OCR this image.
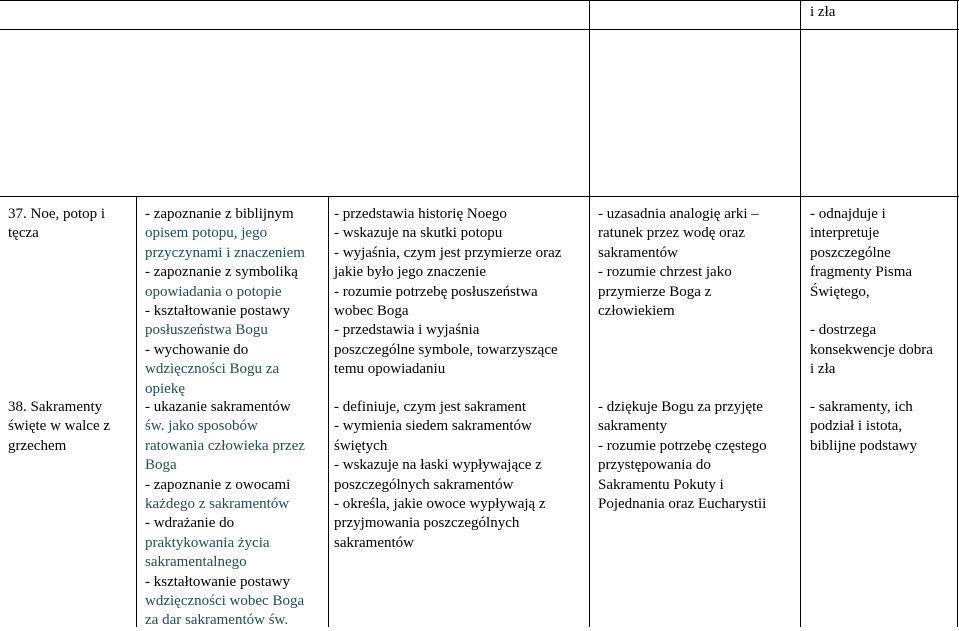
i zła
37. Noe, potop i
tęcza
- zapoznanie z biblijnym
opisem potopu, jego
przyczynami i znaczeniem
- zapoznanie z symboliką
opowiadania o potopie
- kształtowanie postawy
posłuszeństwa Bogu
- wychowanie do
wdzięczności Bogu za
opiekę
- przedstawia historię Noego
- wskazuje na skutki potopu
- wyjaśnia, czym jest przymierze oraz
jakie było jego znaczenie
- rozumie potrzebę posłuszeństwa
wobec Boga
- przedstawia i wyjaśnia
poszczególne symbole, towarzyszące
temu opowiadaniu
- uzasadnia analogię arki –
ratunek przez wodę oraz
sakramentów
- rozumie chrzest jako
przymierze Boga z
człowiekiem
- odnajduje i
interpretuje
poszczególne
fragmenty Pisma
Świętego,

- dostrzega
konsekwencje dobra
i zła
38. Sakramenty
święte w walce z
grzechem
- ukazanie sakramentów
św. jako sposobów
ratowania człowieka przez
Boga
- zapoznanie z owocami
każdego z sakramentów
- wdrażanie do
praktykowania życia
sakramentalnego
- kształtowanie postawy
wdzięczności wobec Boga
za dar sakramentów św.
- definiuje, czym jest sakrament
- wymienia siedem sakramentów
świętych
- wskazuje na łaski wypływające z
poszczególnych sakramentów
- określa, jakie owoce wypływają z
przyjmowania poszczególnych
sakramentów
- dziękuje Bogu za przyjęte
sakramenty
- rozumie potrzebę częstego
przystępowania do
Sakramentu Pokuty i
Pojednania oraz Eucharystii
- sakramenty, ich
podział i istota,
biblijne podstawy
